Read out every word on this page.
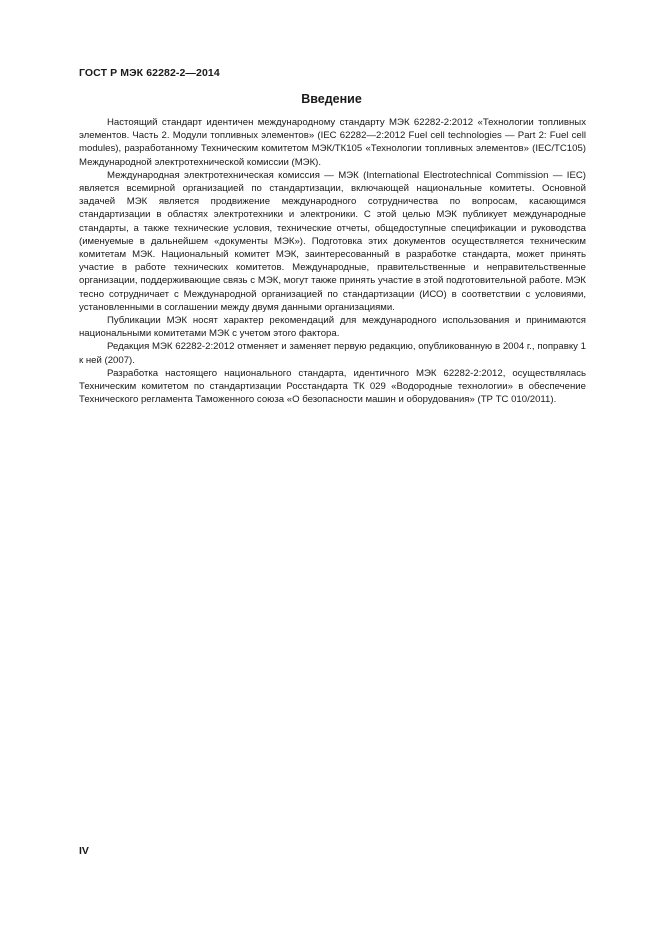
ГОСТ Р МЭК 62282-2—2014
Введение

Настоящий стандарт идентичен международному стандарту МЭК 62282-2:2012 «Технологии топливных элементов. Часть 2. Модули топливных элементов» (IEC 62282—2:2012 Fuel cell technologies — Part 2: Fuel cell modules), разработанному Техническим комитетом МЭК/ТК105 «Технологии топливных элементов» (IEC/TC105) Международной электротехнической комиссии (МЭК).

Международная электротехническая комиссия — МЭК (International Electrotechnical Commission — IEC) является всемирной организацией по стандартизации, включающей национальные комитеты. Основной задачей МЭК является продвижение международного сотрудничества по вопросам, касающимся стандартизации в областях электротехники и электроники. С этой целью МЭК публикует международные стандарты, а также технические условия, технические отчеты, общедоступные спецификации и руководства (именуемые в дальнейшем «документы МЭК»). Подготовка этих документов осуществляется техническим комитетам МЭК. Национальный комитет МЭК, заинтересованный в разработке стандарта, может принять участие в работе технических комитетов. Международные, правительственные и неправительственные организации, поддерживающие связь с МЭК, могут также принять участие в этой подготовительной работе. МЭК тесно сотрудничает с Международной организацией по стандартизации (ИСО) в соответствии с условиями, установленными в соглашении между двумя данными организациями.

Публикации МЭК носят характер рекомендаций для международного использования и принимаются национальными комитетами МЭК с учетом этого фактора.

Редакция МЭК 62282-2:2012 отменяет и заменяет первую редакцию, опубликованную в 2004 г., поправку 1 к ней (2007).

Разработка настоящего национального стандарта, идентичного МЭК 62282-2:2012, осуществлялась Техническим комитетом по стандартизации Росстандарта ТК 029 «Водородные технологии» в обеспечение Технического регламента Таможенного союза «О безопасности машин и оборудования» (ТР ТС 010/2011).

IV
